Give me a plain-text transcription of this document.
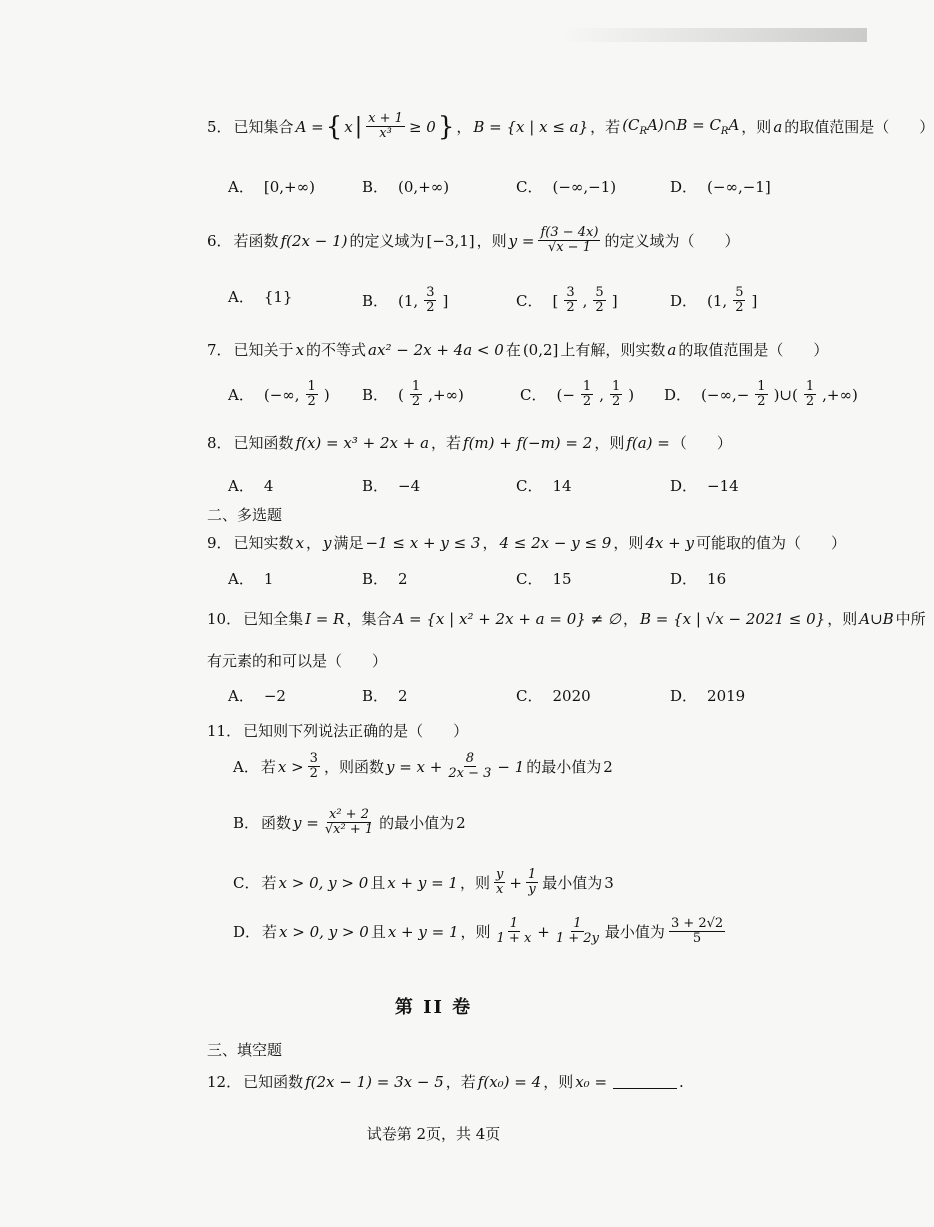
5． 已知集合 A = { x | $\frac{x + 1}{\text{x³}} \ge 0$ } ， B = {x | x ≤ a} ，若 $(C_RA)\cap B = C_RA$ ，则 a 的取值范围是（　　）
A． [0,+∞)	B． (0,+∞)	C． (−∞,−1)	D． (−∞,−1]
6． 若函数 f(2x − 1) 的定义域为 [−3,1] ，则 $y = \frac{f(3 - 4x)}{√x - 1}$ 的定义域为（　　）
A． {1}	B． (1, $\frac{3}{2}$ ]	C． [ $\frac{3}{2}$ , $\frac{5}{2}$ ]	D． (1, $\frac{5}{2}$ ]
7． 已知关于 x 的不等式 ax² − 2x + 4a < 0 在 (0,2] 上有解，则实数 a 的取值范围是（　　）
A． (−∞, $\frac{1}{2}$ ) B． ( $\frac{1}{2}$ ,+∞)	C． (− $\frac{1}{2}$ , $\frac{1}{2}$ ) D． (−∞,− $\frac{1}{2}$ )∪( $\frac{1}{2}$ ,+∞)
8． 已知函数 f(x) = x³ + 2x + a ，若 f(m) + f(−m) = 2 ，则 f(a) = （　　）
A． 4	B． −4	C． 14	D． −14
二、多选题
9． 已知实数 x ， y 满足 −1 ≤ x + y ≤ 3 ， 4 ≤ 2x − y ≤ 9 ，则 4x + y 可能取的值为（　　）
A． 1	B． 2	C． 15	D． 16
10． 已知全集 I = R ，集合 A = {x | x² + 2x + a = 0} ≠ ∅ ， B = {x | √x − 2021 ≤ 0} ，则 A∪B 中所
有元素的和可以是（　　）
A． −2	B． 2	C． 2020	D． 2019
11． 已知则下列说法正确的是（　　）
A． 若 $x > \frac{3}{2}$ ，则函数 $y = x + \frac{8}{2x - 3} - 1$ 的最小值为 2
B． 函数 $y = \frac{\text{x² + 2}}{\text{√x² + 1}}$ 的最小值为 2
C． 若 x > 0, y > 0 且 x + y = 1 ，则 $\frac{y}{x} + \frac{1}{y}$ 最小值为 3
D． 若 x > 0, y > 0 且 x + y = 1 ，则 $\frac{1}{1 + x} + \frac{1}{1 + 2y}$ 最小值为 $\frac{3 + 2√2}{5}$
第 II 卷
三、填空题
12． 已知函数 f(2x − 1) = 3x − 5 ，若 f(x₀) = 4 ，则 x₀ =	.
试卷第 2页，共 4页
